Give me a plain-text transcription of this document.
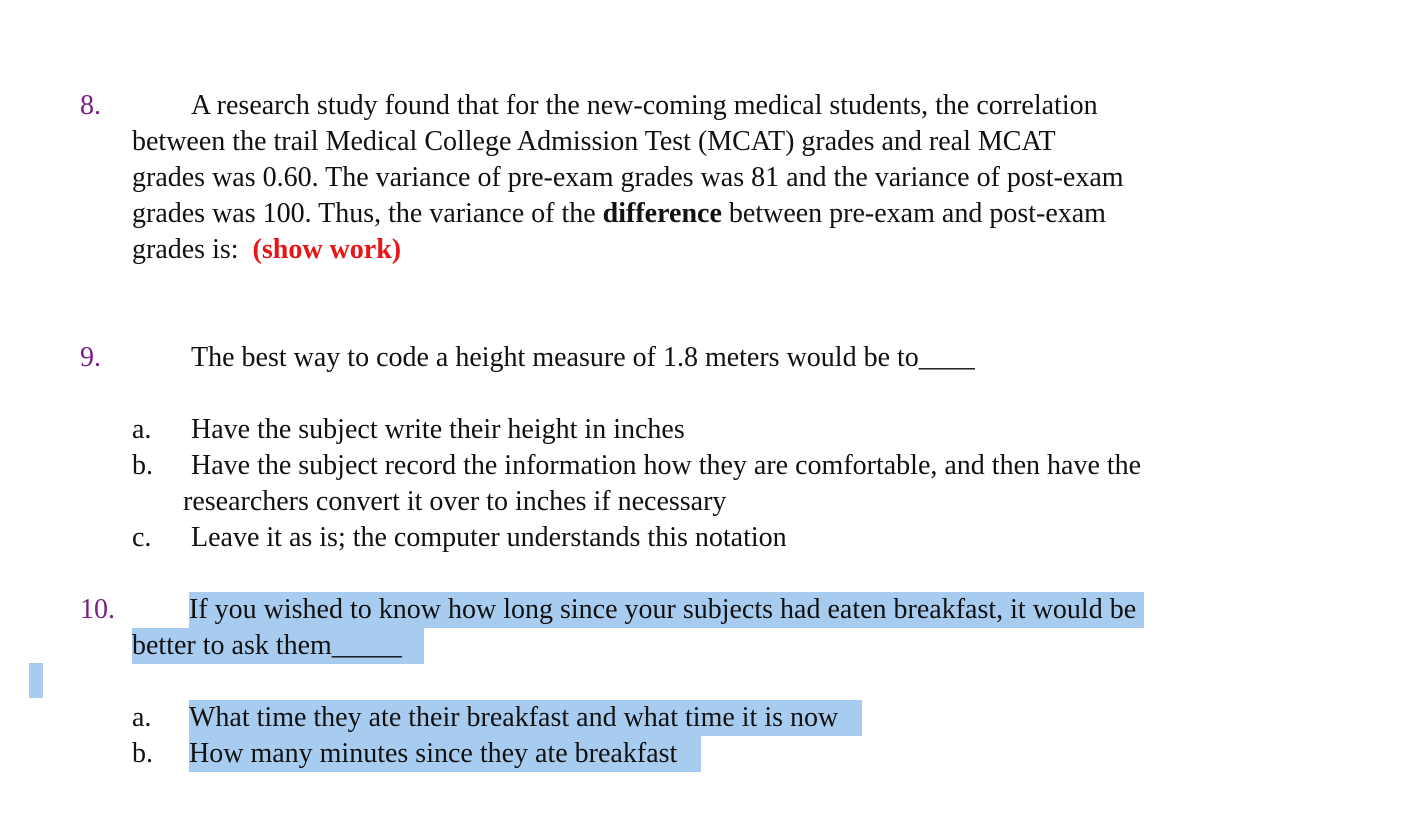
8.	A research study found that for the new-coming medical students, the correlation
between the trail Medical College Admission Test (MCAT) grades and real MCAT
grades was 0.60. The variance of pre-exam grades was 81 and the variance of post-exam
grades was 100. Thus, the variance of the difference between pre-exam and post-exam
grades is:  (show work)
9.	The best way to code a height measure of 1.8 meters would be to____
a. Have the subject write their height in inches
b. Have the subject record the information how they are comfortable, and then have the
researchers convert it over to inches if necessary
c. Leave it as is; the computer understands this notation
10.	If you wished to know how long since your subjects had eaten breakfast, it would be
better to ask them_____
a. What time they ate their breakfast and what time it is now
b. How many minutes since they ate breakfast
